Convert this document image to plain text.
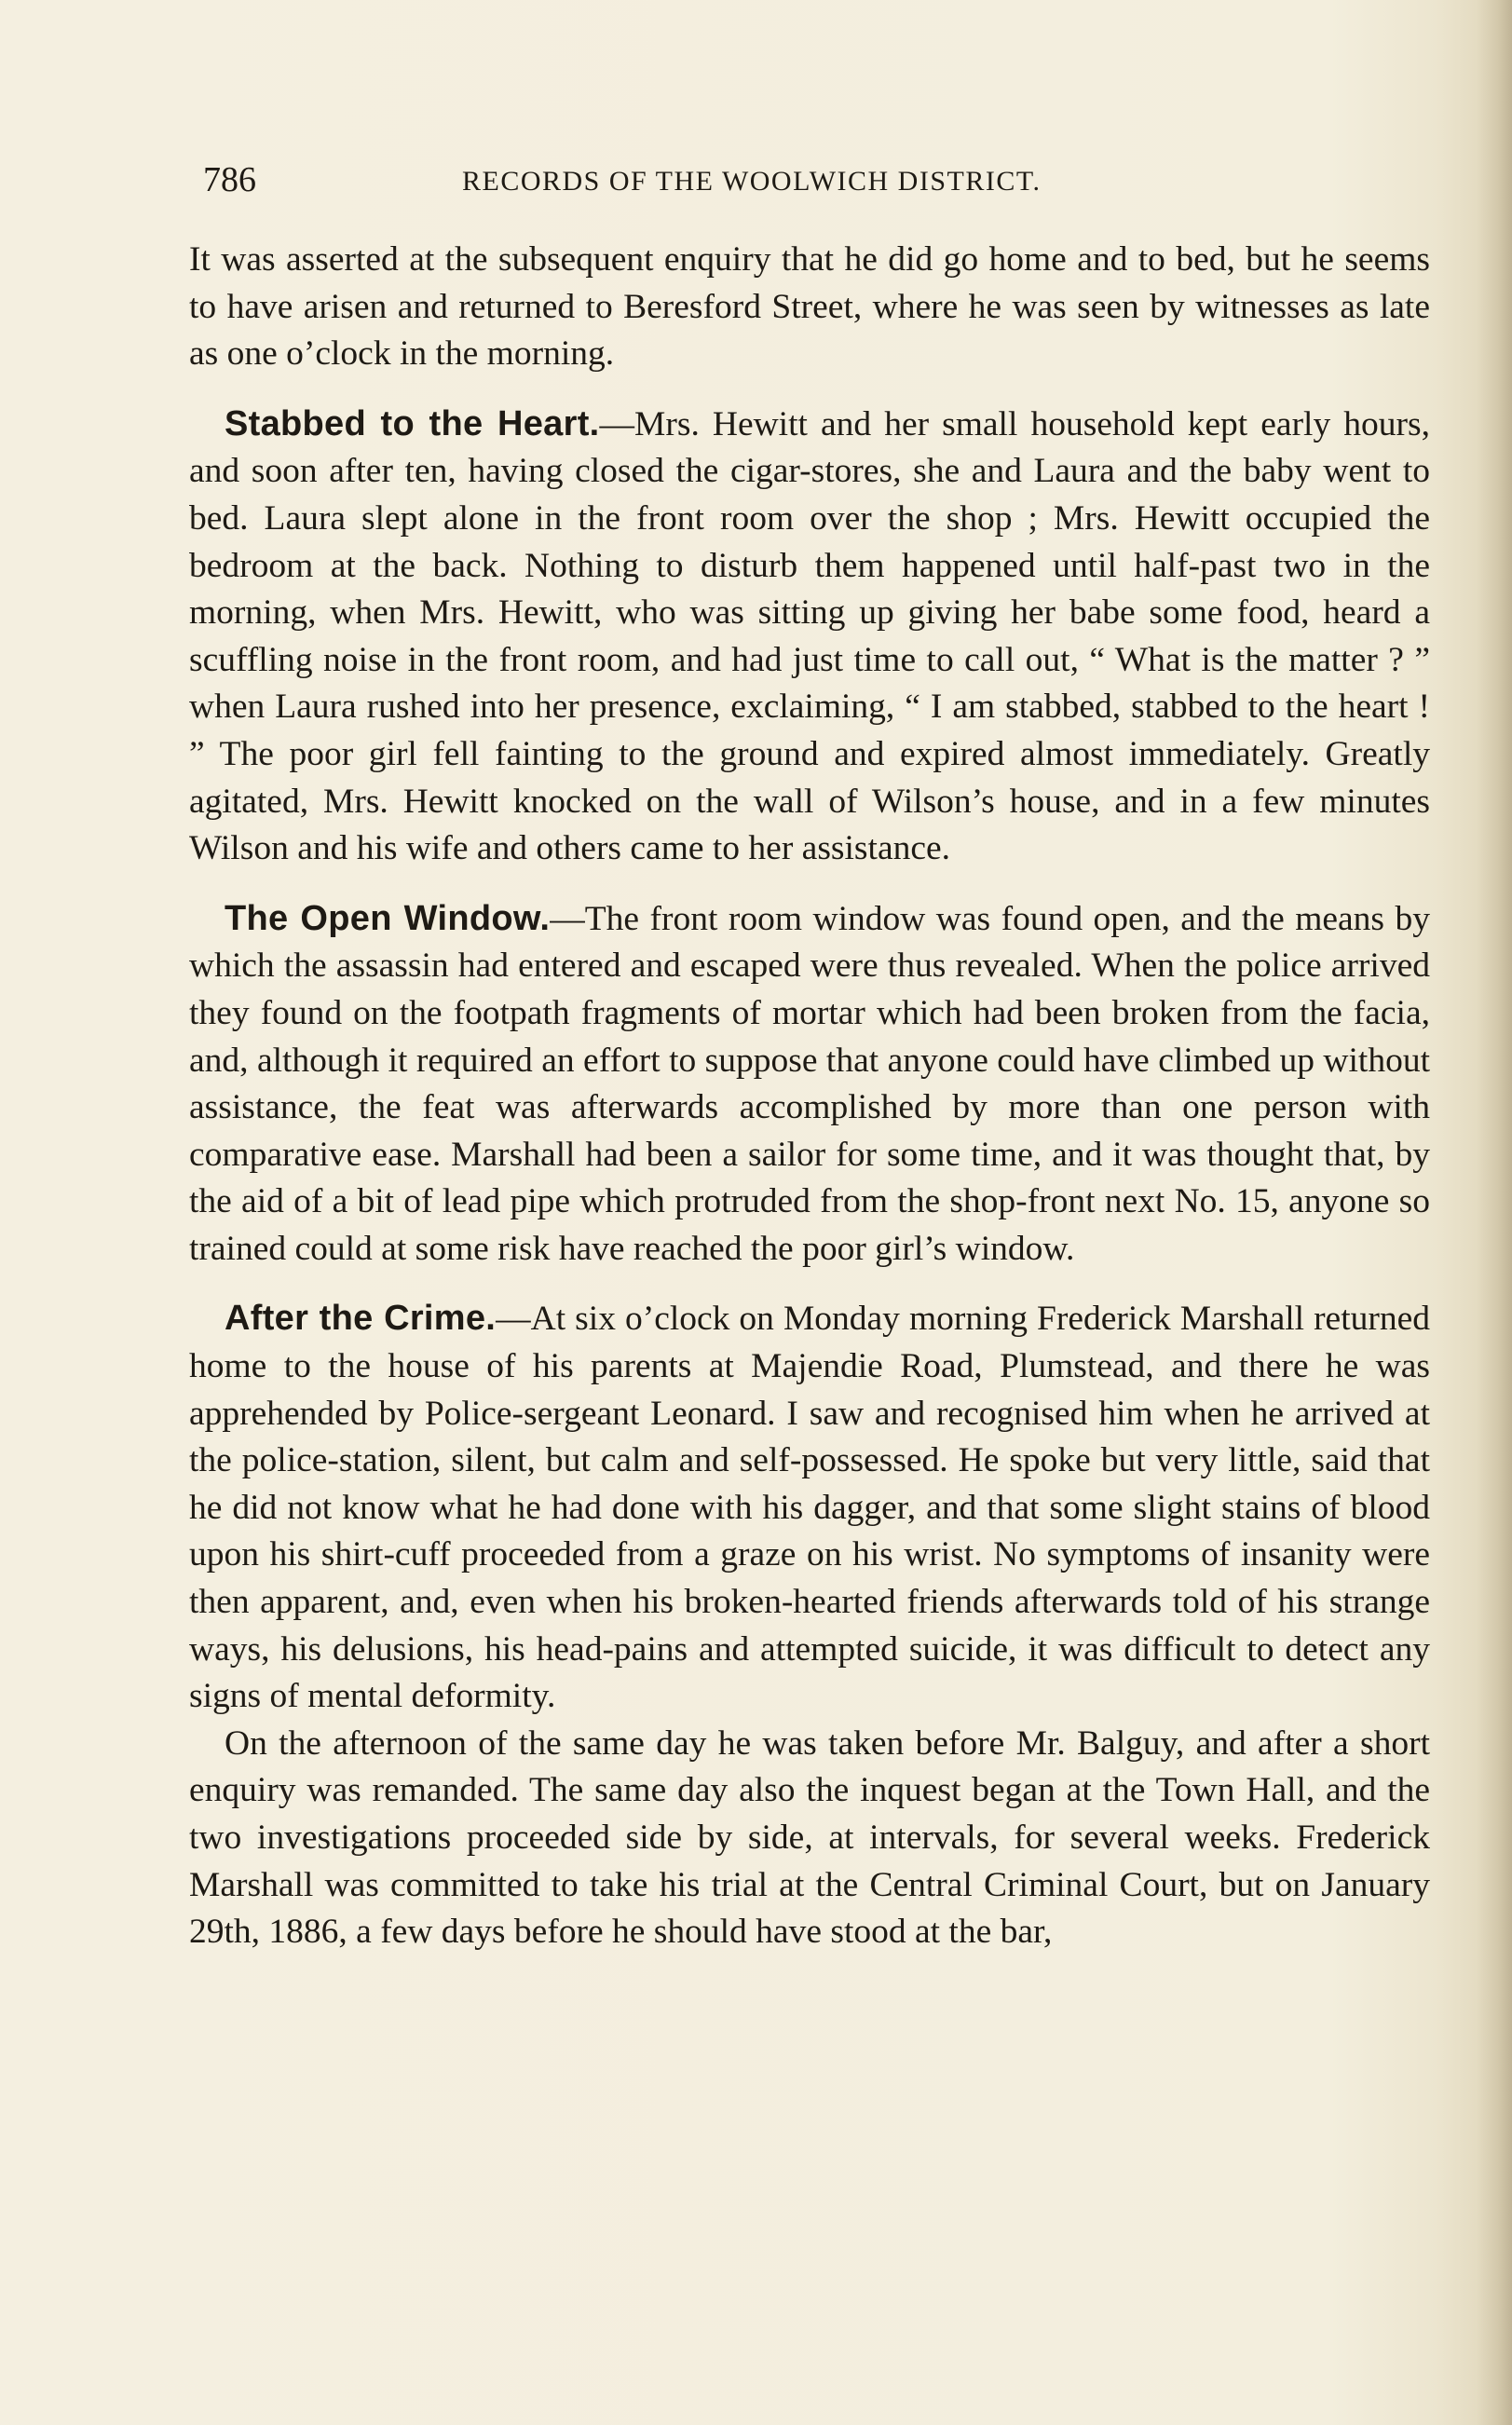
786	RECORDS OF THE WOOLWICH DISTRICT.

It was asserted at the subsequent enquiry that he did go home and to bed, but he seems to have arisen and returned to Beresford Street, where he was seen by witnesses as late as one o’clock in the morning.

Stabbed to the Heart.—Mrs. Hewitt and her small household kept early hours, and soon after ten, having closed the cigar-stores, she and Laura and the baby went to bed. Laura slept alone in the front room over the shop ; Mrs. Hewitt occupied the bedroom at the back. Nothing to disturb them happened until half-past two in the morning, when Mrs. Hewitt, who was sitting up giving her babe some food, heard a scuffling noise in the front room, and had just time to call out, “ What is the matter ? ” when Laura rushed into her presence, exclaiming, “ I am stabbed, stabbed to the heart ! ” The poor girl fell fainting to the ground and expired almost immediately. Greatly agitated, Mrs. Hewitt knocked on the wall of Wilson’s house, and in a few minutes Wilson and his wife and others came to her assistance.

The Open Window.—The front room window was found open, and the means by which the assassin had entered and escaped were thus revealed. When the police arrived they found on the footpath fragments of mortar which had been broken from the facia, and, although it required an effort to suppose that anyone could have climbed up without assistance, the feat was afterwards accomplished by more than one person with comparative ease. Marshall had been a sailor for some time, and it was thought that, by the aid of a bit of lead pipe which protruded from the shop-front next No. 15, anyone so trained could at some risk have reached the poor girl’s window.

After the Crime.—At six o’clock on Monday morning Frederick Marshall returned home to the house of his parents at Majendie Road, Plumstead, and there he was apprehended by Police-sergeant Leonard. I saw and recognised him when he arrived at the police-station, silent, but calm and self-possessed. He spoke but very little, said that he did not know what he had done with his dagger, and that some slight stains of blood upon his shirt-cuff proceeded from a graze on his wrist. No symptoms of insanity were then apparent, and, even when his broken-hearted friends afterwards told of his strange ways, his delusions, his head-pains and attempted suicide, it was difficult to detect any signs of mental deformity.

On the afternoon of the same day he was taken before Mr. Balguy, and after a short enquiry was remanded. The same day also the inquest began at the Town Hall, and the two investigations proceeded side by side, at intervals, for several weeks. Frederick Marshall was committed to take his trial at the Central Criminal Court, but on January 29th, 1886, a few days before he should have stood at the bar,
